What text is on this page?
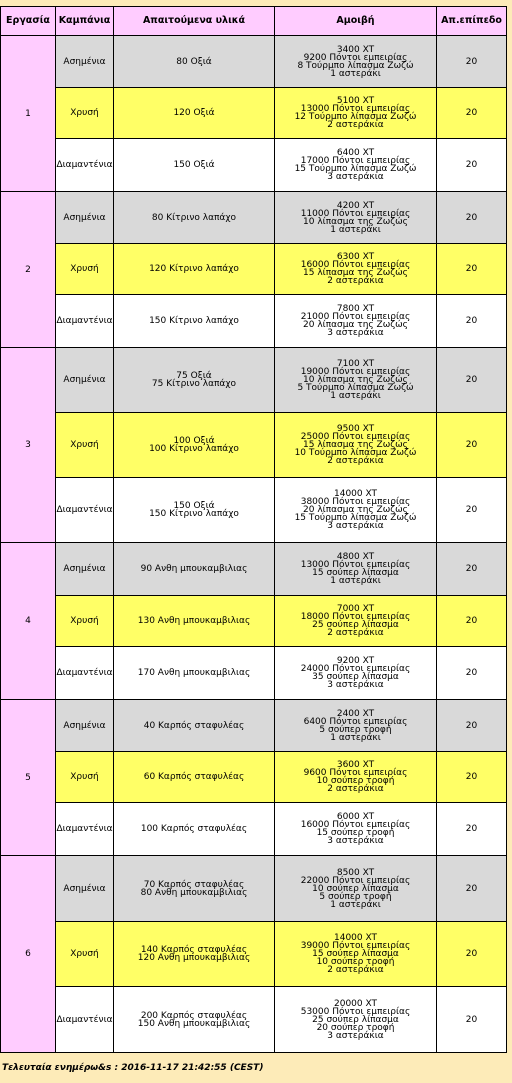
Εργασία	Καμπάνια	Απαιτούμενα υλικά	Αμοιβή	Απ.επίπεδο
1	Ασημένια	80 Οξιά	3400 XT
9200 Πόντοι εμπειρίας
8 Τούρμπο λίπασμα Ζωζώ
1 αστεράκι	20
	Χρυσή	120 Οξιά	5100 XT
13000 Πόντοι εμπειρίας
12 Τούρμπο λίπασμα Ζωζώ
2 αστεράκια	20
	Διαμαντένια	150 Οξιά	6400 XT
17000 Πόντοι εμπειρίας
15 Τούρμπο λίπασμα Ζωζώ
3 αστεράκια	20
2	Ασημένια	80 Κίτρινο λαπάχο	4200 XT
11000 Πόντοι εμπειρίας
10 λίπασμα της Ζωζώς
1 αστεράκι	20
	Χρυσή	120 Κίτρινο λαπάχο	6300 XT
16000 Πόντοι εμπειρίας
15 λίπασμα της Ζωζώς
2 αστεράκια	20
	Διαμαντένια	150 Κίτρινο λαπάχο	7800 XT
21000 Πόντοι εμπειρίας
20 λίπασμα της Ζωζώς
3 αστεράκια	20
3	Ασημένια	75 Οξιά
75 Κίτρινο λαπάχο	7100 XT
19000 Πόντοι εμπειρίας
10 λίπασμα της Ζωζώς
5 Τούρμπο λίπασμα Ζωζώ
1 αστεράκι	20
	Χρυσή	100 Οξιά
100 Κίτρινο λαπάχο	9500 XT
25000 Πόντοι εμπειρίας
15 λίπασμα της Ζωζώς
10 Τούρμπο λίπασμα Ζωζώ
2 αστεράκια	20
	Διαμαντένια	150 Οξιά
150 Κίτρινο λαπάχο	14000 XT
38000 Πόντοι εμπειρίας
20 λίπασμα της Ζωζώς
15 Τούρμπο λίπασμα Ζωζώ
3 αστεράκια	20
4	Ασημένια	90 Ανθη μπουκαμβιλιας	4800 XT
13000 Πόντοι εμπειρίας
15 σούπερ λίπασμα
1 αστεράκι	20
	Χρυσή	130 Ανθη μπουκαμβιλιας	7000 XT
18000 Πόντοι εμπειρίας
25 σούπερ λίπασμα
2 αστεράκια	20
	Διαμαντένια	170 Ανθη μπουκαμβιλιας	9200 XT
24000 Πόντοι εμπειρίας
35 σούπερ λίπασμα
3 αστεράκια	20
5	Ασημένια	40 Καρπός σταφυλέας	2400 XT
6400 Πόντοι εμπειρίας
5 σούπερ τροφή
1 αστεράκι	20
	Χρυσή	60 Καρπός σταφυλέας	3600 XT
9600 Πόντοι εμπειρίας
10 σούπερ τροφή
2 αστεράκια	20
	Διαμαντένια	100 Καρπός σταφυλέας	6000 XT
16000 Πόντοι εμπειρίας
15 σούπερ τροφή
3 αστεράκια	20
6	Ασημένια	70 Καρπός σταφυλέας
80 Ανθη μπουκαμβιλιας	8500 XT
22000 Πόντοι εμπειρίας
10 σούπερ λίπασμα
5 σούπερ τροφή
1 αστεράκι	20
	Χρυσή	140 Καρπός σταφυλέας
120 Ανθη μπουκαμβιλιας	14000 XT
39000 Πόντοι εμπειρίας
15 σούπερ λίπασμα
10 σούπερ τροφή
2 αστεράκια	20
	Διαμαντένια	200 Καρπός σταφυλέας
150 Ανθη μπουκαμβιλιας	20000 XT
53000 Πόντοι εμπειρίας
25 σούπερ λίπασμα
20 σούπερ τροφή
3 αστεράκια	20
Τελευταία ενημέρω&s : 2016-11-17 21:42:55 (CEST)
